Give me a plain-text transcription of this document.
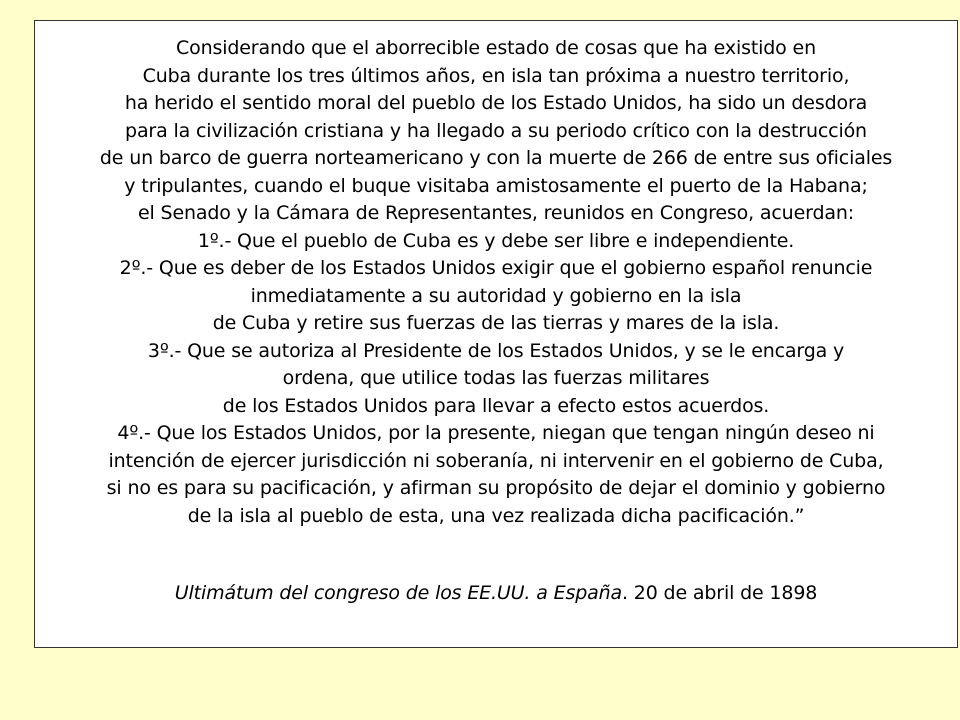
Considerando que el aborrecible estado de cosas que ha existido en
Cuba durante los tres últimos años, en isla tan próxima a nuestro territorio,
ha herido el sentido moral del pueblo de los Estado Unidos, ha sido un desdora
para la civilización cristiana y ha llegado a su periodo crítico con la destrucción
de un barco de guerra norteamericano y con la muerte de 266 de entre sus oficiales
y tripulantes, cuando el buque visitaba amistosamente el puerto de la Habana;
el Senado y la Cámara de Representantes, reunidos en Congreso, acuerdan:
1º.- Que el pueblo de Cuba es y debe ser libre e independiente.
2º.- Que es deber de los Estados Unidos exigir que el gobierno español renuncie
inmediatamente a su autoridad y gobierno en la isla
de Cuba y retire sus fuerzas de las tierras y mares de la isla.
3º.- Que se autoriza al Presidente de los Estados Unidos, y se le encarga y
ordena, que utilice todas las fuerzas militares
de los Estados Unidos para llevar a efecto estos acuerdos.
4º.- Que los Estados Unidos, por la presente, niegan que tengan ningún deseo ni
intención de ejercer jurisdicción ni soberanía, ni intervenir en el gobierno de Cuba,
si no es para su pacificación, y afirman su propósito de dejar el dominio y gobierno
de la isla al pueblo de esta, una vez realizada dicha pacificación.”
Ultimátum del congreso de los EE.UU. a España. 20 de abril de 1898
